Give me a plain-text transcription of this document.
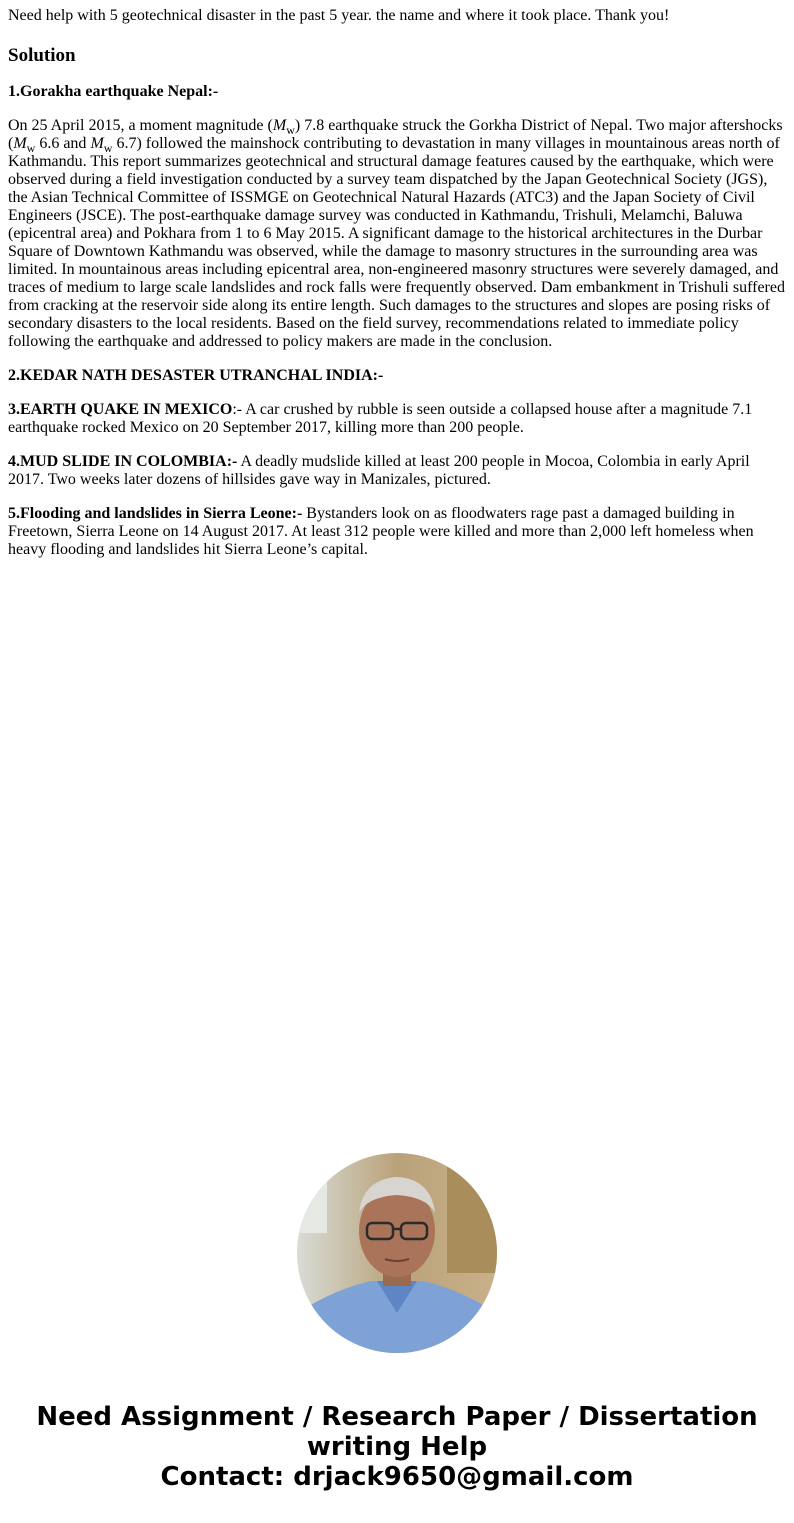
Need help with 5 geotechnical disaster in the past 5 year. the name and where it took place. Thank you!

Solution
1.Gorakha earthquake Nepal:-

On 25 April 2015, a moment magnitude $(M_w)$ 7.8 earthquake struck the Gorkha District of Nepal. Two major aftershocks ($M_w$ 6.6 and $M_w$ 6.7) followed the mainshock contributing to devastation in many villages in mountainous areas north of Kathmandu. This report summarizes geotechnical and structural damage features caused by the earthquake, which were observed during a field investigation conducted by a survey team dispatched by the Japan Geotechnical Society (JGS), the Asian Technical Committee of ISSMGE on Geotechnical Natural Hazards (ATC3) and the Japan Society of Civil Engineers (JSCE). The post-earthquake damage survey was conducted in Kathmandu, Trishuli, Melamchi, Baluwa (epicentral area) and Pokhara from 1 to 6 May 2015. A significant damage to the historical architectures in the Durbar Square of Downtown Kathmandu was observed, while the damage to masonry structures in the surrounding area was limited. In mountainous areas including epicentral area, non-engineered masonry structures were severely damaged, and traces of medium to large scale landslides and rock falls were frequently observed. Dam embankment in Trishuli suffered from cracking at the reservoir side along its entire length. Such damages to the structures and slopes are posing risks of secondary disasters to the local residents. Based on the field survey, recommendations related to immediate policy following the earthquake and addressed to policy makers are made in the conclusion.

2.KEDAR NATH DESASTER UTRANCHAL INDIA:-

3.EARTH QUAKE IN MEXICO:- A car crushed by rubble is seen outside a collapsed house after a magnitude 7.1 earthquake rocked Mexico on 20 September 2017, killing more than 200 people.

4.MUD SLIDE IN COLOMBIA:- A deadly mudslide killed at least 200 people in Mocoa, Colombia in early April 2017. Two weeks later dozens of hillsides gave way in Manizales, pictured.

5.Flooding and landslides in Sierra Leone:- Bystanders look on as floodwaters rage past a damaged building in Freetown, Sierra Leone on 14 August 2017. At least 312 people were killed and more than 2,000 left homeless when heavy flooding and landslides hit Sierra Leone’s capital.

Need Assignment / Research Paper / Dissertation

writing Help

Contact: drjack9650@gmail.com
